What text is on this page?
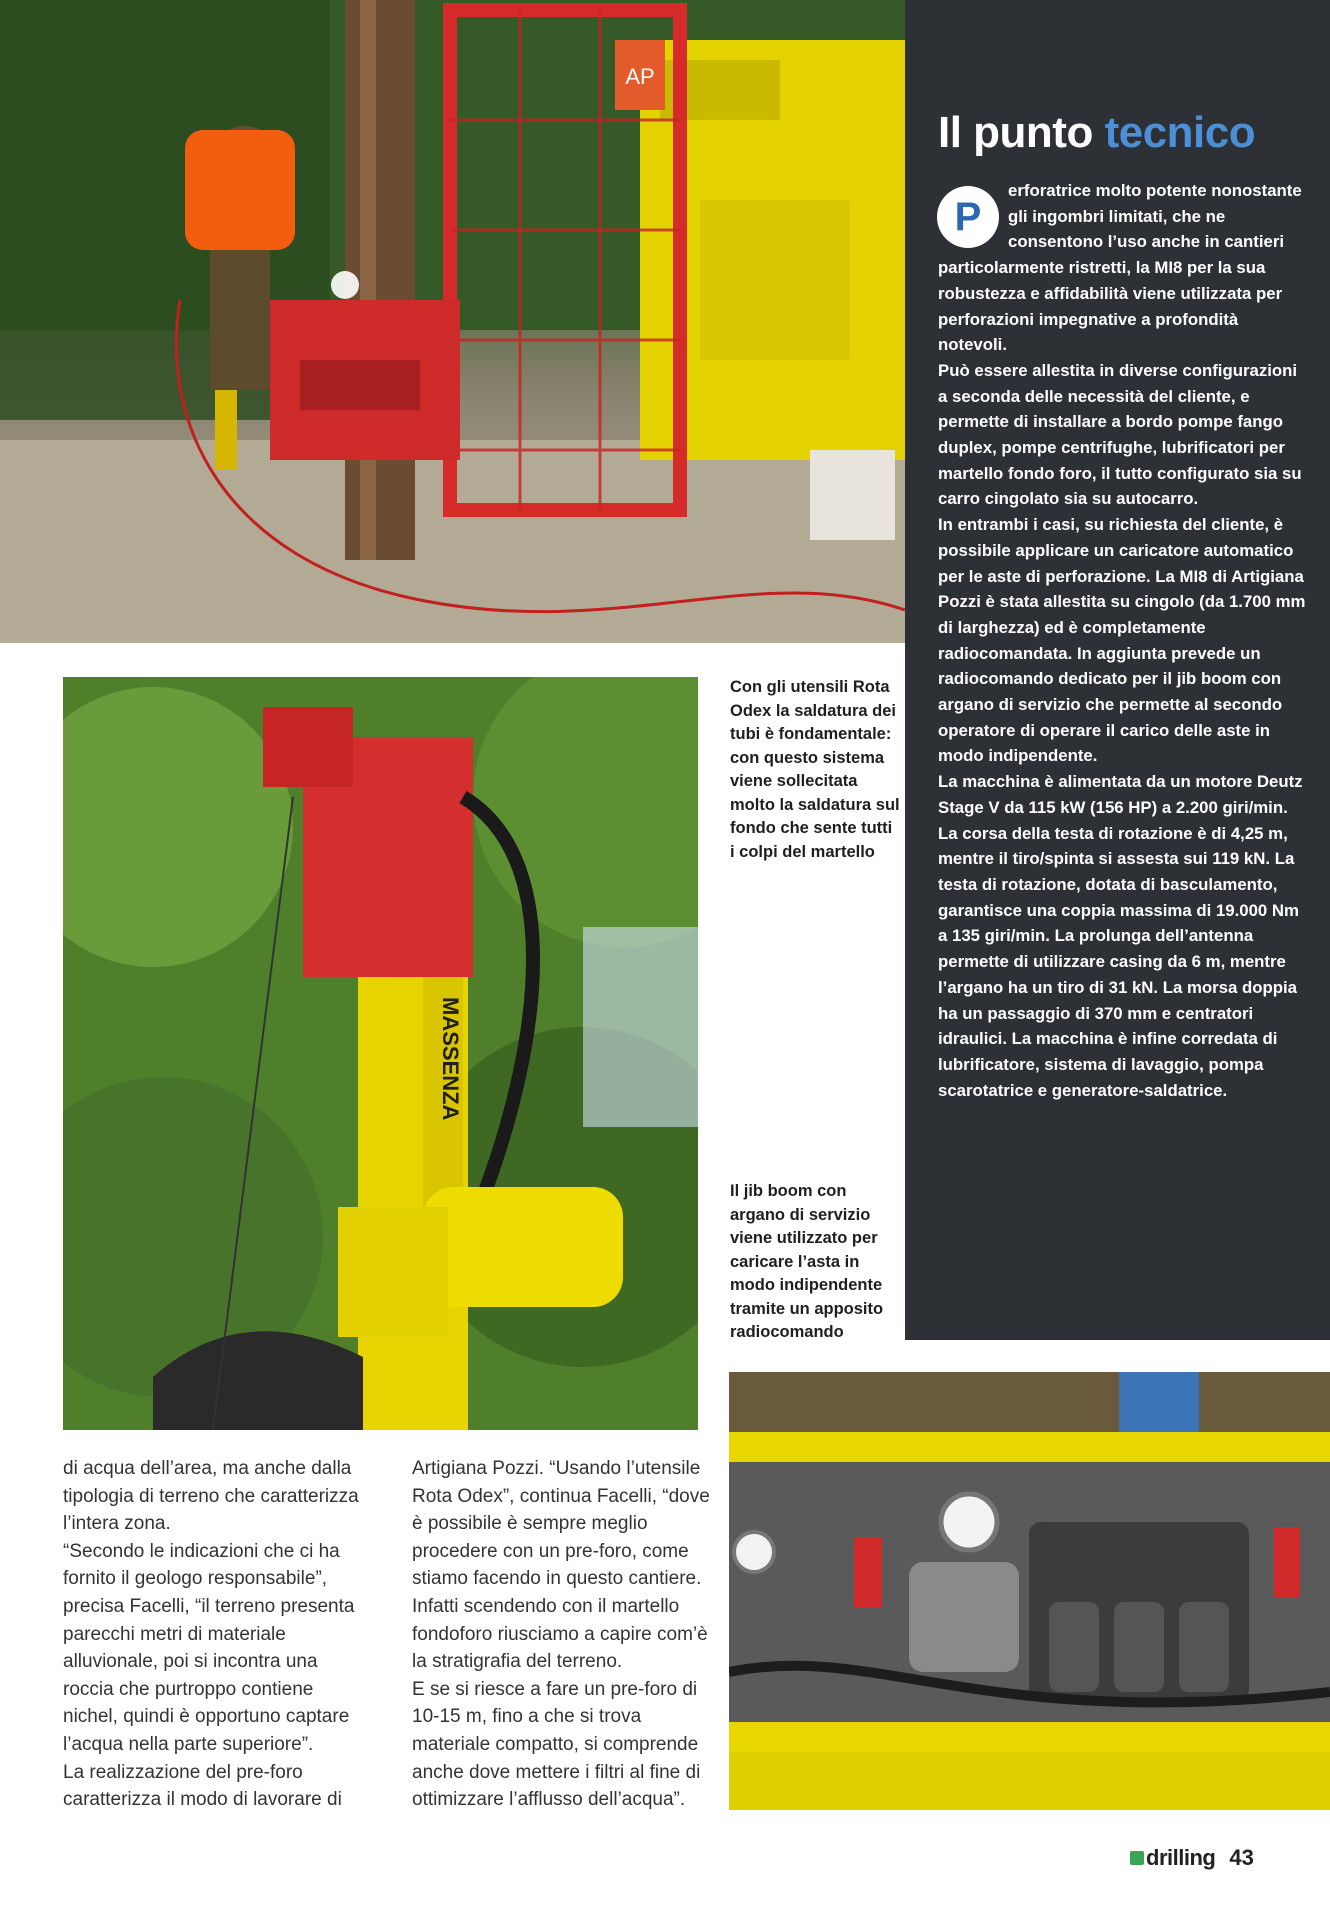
AP
Il punto tecnico
P
erforatrice molto potente nonostante gli ingombri limitati, che ne consentono l’uso anche in cantieri particolarmente ristretti, la MI8 per la sua robustezza e affidabilità viene utilizzata per perforazioni impegnative a profondità notevoli.
Può essere allestita in diverse configurazioni a seconda delle necessità del cliente, e permette di installare a bordo pompe fango duplex, pompe centrifughe, lubrificatori per martello fondo foro, il tutto configurato sia su carro cingolato sia su autocarro.
In entrambi i casi, su richiesta del cliente, è possibile applicare un caricatore automatico per le aste di perforazione. La MI8 di Artigiana Pozzi è stata allestita su cingolo (da 1.700 mm di larghezza) ed è completamente radiocomandata. In aggiunta prevede un radiocomando dedicato per il jib boom con argano di servizio che permette al secondo operatore di operare il carico delle aste in modo indipendente.
La macchina è alimentata da un motore Deutz Stage V da 115 kW (156 HP) a 2.200 giri/min. La corsa della testa di rotazione è di 4,25 m, mentre il tiro/spinta si assesta sui 119 kN. La testa di rotazione, dotata di basculamento, garantisce una coppia massima di 19.000 Nm a 135 giri/min. La prolunga dell’antenna permette di utilizzare casing da 6 m, mentre l’argano ha un tiro di 31 kN. La morsa doppia ha un passaggio di 370 mm e centratori idraulici. La macchina è infine corredata di lubrificatore, sistema di lavaggio, pompa scarotatrice e generatore-saldatrice.
MASSENZA

Con gli utensili Rota Odex la saldatura dei tubi è fondamentale: con questo sistema viene sollecitata molto la saldatura sul fondo che sente tutti i colpi del martello

Il jib boom con argano di servizio viene utilizzato per caricare l’asta in modo indipendente tramite un apposito radiocomando

di acqua dell’area, ma anche dalla tipologia di terreno che caratterizza l’intera zona.

“Secondo le indicazioni che ci ha fornito il geologo responsabile”, precisa Facelli, “il terreno presenta parecchi metri di materiale alluvionale, poi si incontra una roccia che purtroppo contiene nichel, quindi è opportuno captare l’acqua nella parte superiore”.

La realizzazione del pre-foro caratterizza il modo di lavorare di

Artigiana Pozzi. “Usando l’utensile Rota Odex”, continua Facelli, “dove è possibile è sempre meglio procedere con un pre-foro, come stiamo facendo in questo cantiere. Infatti scendendo con il martello fondoforo riusciamo a capire com’è la stratigrafia del terreno.

E se si riesce a fare un pre-foro di 10-15 m, fino a che si trova materiale compatto, si comprende anche dove mettere i filtri al fine di ottimizzare l’afflusso dell’acqua”.

drilling 43
